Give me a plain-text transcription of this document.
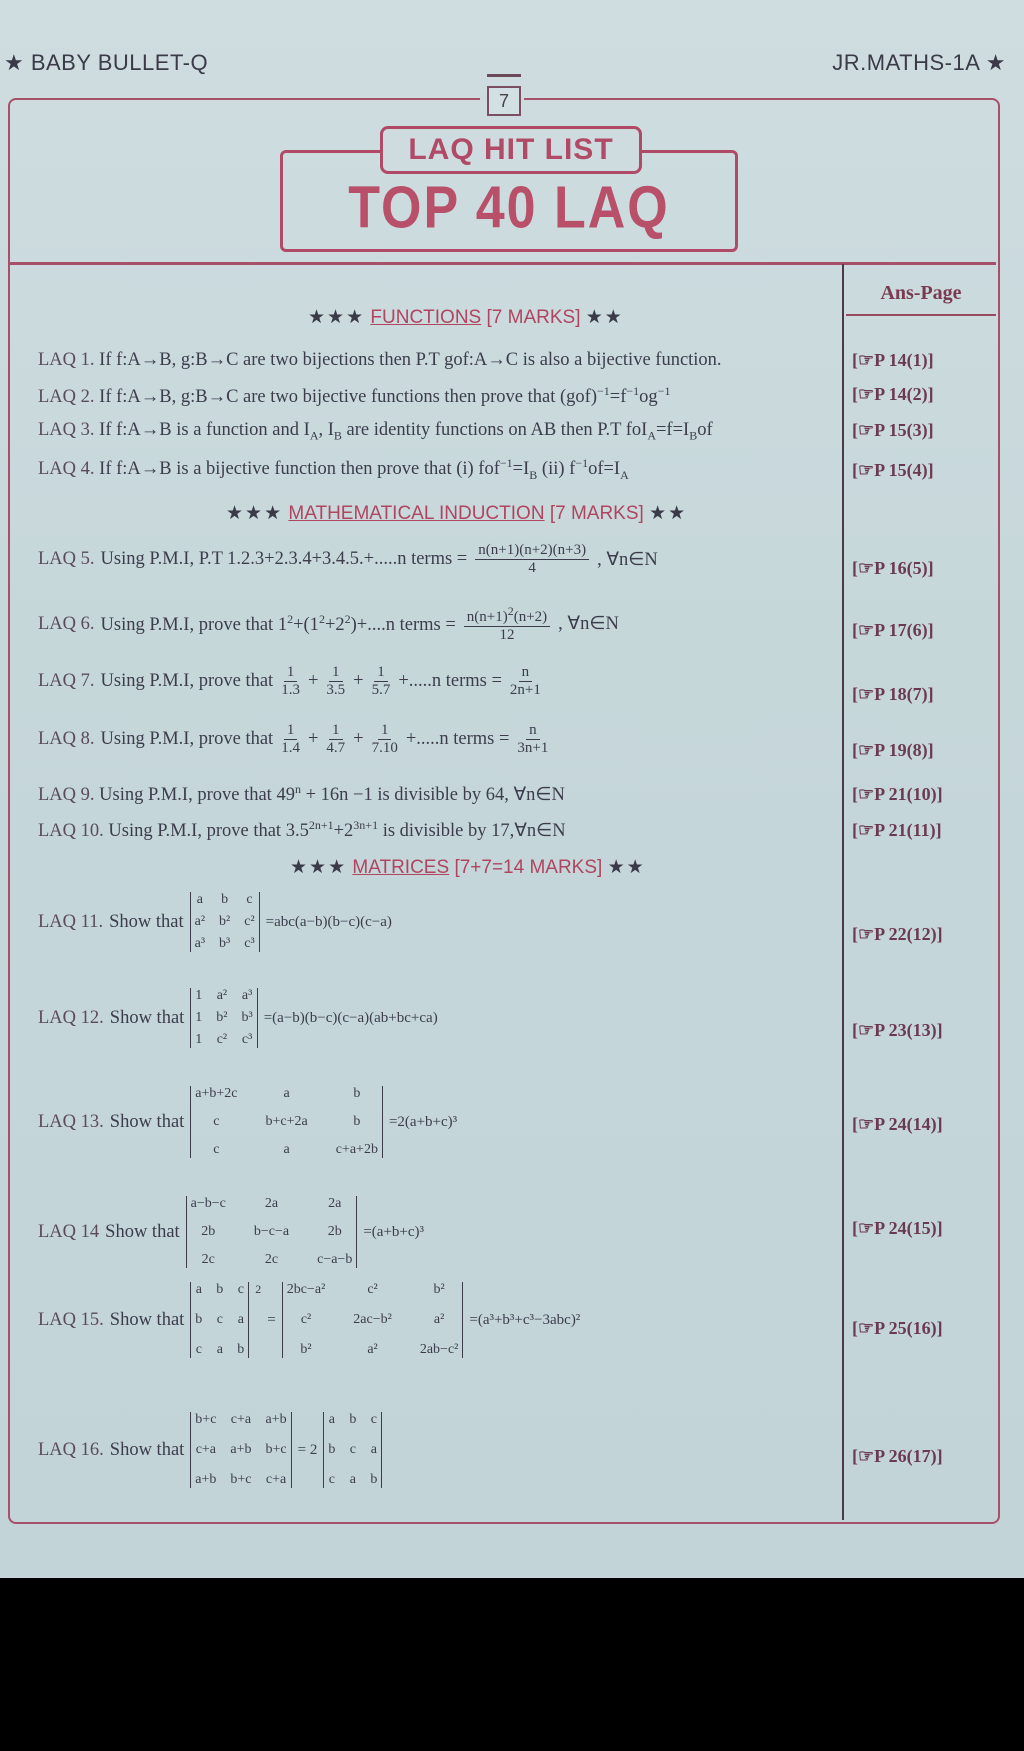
★ BABY BULLET-Q	JR.MATHS-1A ★
7
LAQ HIT LIST
TOP 40 LAQ
Ans-Page
★★★ FUNCTIONS [7 MARKS] ★★
LAQ 1. If f:A→B, g:B→C are two bijections then P.T gof:A→C is also a bijective function.	[☞P 14(1)]
LAQ 2. If f:A→B, g:B→C are two bijective functions then prove that $(gof)^{-1}=f^{-1}og^{-1}$	[☞P 14(2)]
LAQ 3. If f:A→B is a function and $I_A$, $I_B$ are identity functions on AB then P.T $foI_A=f=I_Bof$	[☞P 15(3)]
LAQ 4. If f:A→B is a bijective function then prove that (i) $fof^{-1}=I_B$ (ii) $f^{-1}of=I_A$	[☞P 15(4)]
★★★ MATHEMATICAL INDUCTION [7 MARKS] ★★
LAQ 5. Using P.M.I, P.T 1.2.3+2.3.4+3.4.5.+.....n terms = $\frac{n(n+1)(n+2)(n+3)}{4}$ , ∀n∈N	[☞P 16(5)]
LAQ 6. Using P.M.I, prove that $1^2+(1^2+2^2)+....n$ terms = $\frac{n(n+1)^2(n+2)}{12}$ , ∀n∈N	[☞P 17(6)]
LAQ 7. Using P.M.I, prove that $\frac{1}{1.3} + \frac{1}{3.5} + \frac{1}{5.7} +.....n$ terms = $\frac{n}{2n+1}$	[☞P 18(7)]
LAQ 8. Using P.M.I, prove that $\frac{1}{1.4} + \frac{1}{4.7} + \frac{1}{7.10} +.....n$ terms = $\frac{n}{3n+1}$	[☞P 19(8)]
LAQ 9. Using P.M.I, prove that $49^n + 16n -1$ is divisible by 64, ∀n∈N	[☞P 21(10)]
LAQ 10. Using P.M.I, prove that $3.5^{2n+1}+2^{3n+1}$ is divisible by 17,∀n∈N	[☞P 21(11)]
★★★ MATRICES [7+7=14 MARKS] ★★
LAQ 11. Show that
a b c
a² b² c²
a³ b³ c³
=abc(a−b)(b−c)(c−a)
[☞P 22(12)]
LAQ 12. Show that
1 a² a³
1 b² b³
1 c² c³
=(a−b)(b−c)(c−a)(ab+bc+ca)
[☞P 23(13)]
LAQ 13. Show that
a+b+2c	a	b
c	b+c+2a	b
c	a	c+a+2b
=2(a+b+c)³	[☞P 24(14)]
LAQ 14 Show that
a−b−c	2a	2a
2b	b−c−a	2b
2c	2c	c−a−b
=(a+b+c)³	[☞P 24(15)]
LAQ 15. Show that
a b c
b c a
c a b
$^2$
=
2bc−a²	c²	b²
c²	2ac−b²	a²
b²	a²	2ab−c²
=(a³+b³+c³−3abc)²	[☞P 25(16)]
LAQ 16. Show that
b+c c+a a+b
c+a a+b b+c
a+b b+c c+a
= 2
a b c
b c a
c a b
[☞P 26(17)]
